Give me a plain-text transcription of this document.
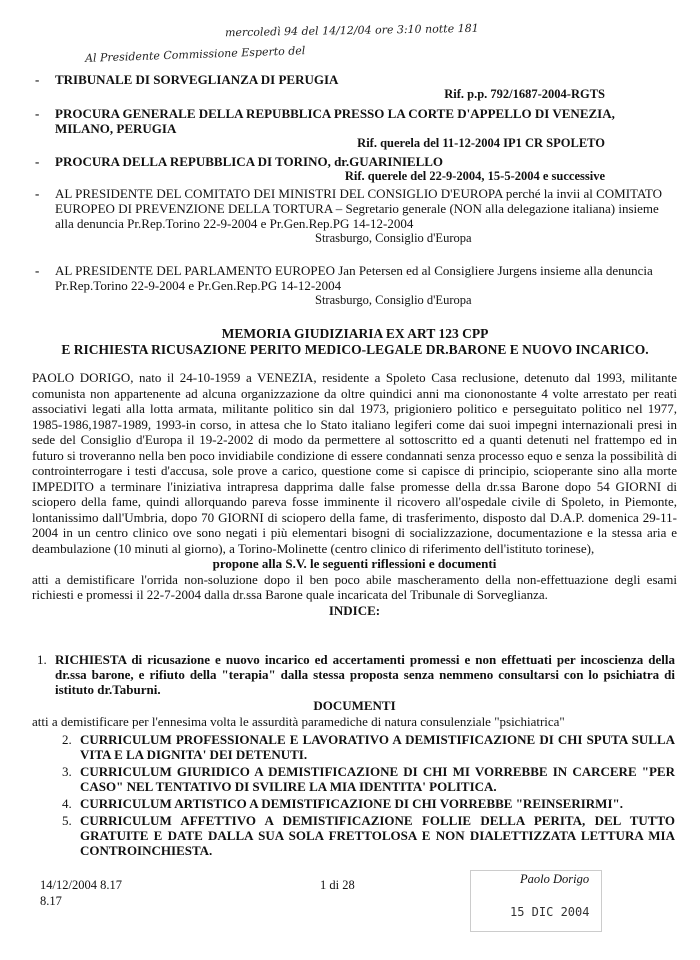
mercoledì 94 del 14/12/04 ore 3:10 notte 181
Al Presidente Commissione Esperto del
- TRIBUNALE DI SORVEGLIANZA DI PERUGIA
Rif. p.p. 792/1687-2004-RGTS
- PROCURA GENERALE DELLA REPUBBLICA PRESSO LA CORTE D'APPELLO DI VENEZIA, MILANO, PERUGIA
Rif. querela del 11-12-2004 IP1 CR SPOLETO
- PROCURA DELLA REPUBBLICA DI TORINO, dr.GUARINIELLO
Rif. querele del 22-9-2004, 15-5-2004 e successive
- AL PRESIDENTE DEL COMITATO DEI MINISTRI DEL CONSIGLIO D'EUROPA perché la invii al COMITATO EUROPEO DI PREVENZIONE DELLA TORTURA – Segretario generale (NON alla delegazione italiana) insieme alla denuncia Pr.Rep.Torino 22-9-2004 e Pr.Gen.Rep.PG 14-12-2004
Strasburgo, Consiglio d'Europa
- AL PRESIDENTE DEL PARLAMENTO EUROPEO Jan Petersen ed al Consigliere Jurgens insieme alla denuncia Pr.Rep.Torino 22-9-2004 e Pr.Gen.Rep.PG 14-12-2004
Strasburgo, Consiglio d'Europa
MEMORIA GIUDIZIARIA EX ART 123 CPP
E RICHIESTA RICUSAZIONE PERITO MEDICO-LEGALE DR.BARONE E NUOVO INCARICO.
PAOLO DORIGO, nato il 24-10-1959 a VENEZIA, residente a Spoleto Casa reclusione, detenuto dal 1993, militante comunista non appartenente ad alcuna organizzazione da oltre quindici anni ma ciononostante 4 volte arrestato per reati associativi legati alla lotta armata, militante politico sin dal 1973, prigioniero politico e perseguitato politico nel 1977, 1985-1986,1987-1989, 1993-in corso, in attesa che lo Stato italiano legiferi come dai suoi impegni internazionali presi in sede del Consiglio d'Europa il 19-2-2002 di modo da permettere al sottoscritto ed a quanti detenuti nel frattempo ed in futuro si troveranno nella ben poco invidiabile condizione di essere condannati senza processo equo e senza la possibilità di controinterrogare i testi d'accusa, sole prove a carico, questione come si capisce di principio, scioperante sino alla morte IMPEDITO a terminare l'iniziativa intrapresa dapprima dalle false promesse della dr.ssa Barone dopo 54 GIORNI di sciopero della fame, quindi allorquando pareva fosse imminente il ricovero all'ospedale civile di Spoleto, in Piemonte, lontanissimo dall'Umbria, dopo 70 GIORNI di sciopero della fame, di trasferimento, disposto dal D.A.P. domenica 29-11-2004 in un centro clinico ove sono negati i più elementari bisogni di socializzazione, documentazione e la stessa aria e deambulazione (10 minuti al giorno), a Torino-Molinette (centro clinico di riferimento dell'istituto torinese),
propone alla S.V. le seguenti riflessioni e documenti
atti a demistificare l'orrida non-soluzione dopo il ben poco abile mascheramento della non-effettuazione degli esami richiesti e promessi il 22-7-2004 dalla dr.ssa Barone quale incaricata del Tribunale di Sorveglianza.
INDICE:
1. RICHIESTA di ricusazione e nuovo incarico ed accertamenti promessi e non effettuati per incoscienza della dr.ssa barone, e rifiuto della "terapia" dalla stessa proposta senza nemmeno consultarsi con lo psichiatra di istituto dr.Taburni.
DOCUMENTI
atti a demistificare per l'ennesima volta le assurdità paramediche di natura consulenziale "psichiatrica"
2. CURRICULUM PROFESSIONALE E LAVORATIVO A DEMISTIFICAZIONE DI CHI SPUTA SULLA VITA E LA DIGNITA' DEI DETENUTI.
3. CURRICULUM GIURIDICO A DEMISTIFICAZIONE DI CHI MI VORREBBE IN CARCERE "PER CASO" NEL TENTATIVO DI SVILIRE LA MIA IDENTITA' POLITICA.
4. CURRICULUM ARTISTICO A DEMISTIFICAZIONE DI CHI VORREBBE "REINSERIRMI".
5. CURRICULUM AFFETTIVO A DEMISTIFICAZIONE FOLLIE DELLA PERITA, DEL TUTTO GRATUITE E DATE DALLA SUA SOLA FRETTOLOSA E NON DIALETTIZZATA LETTURA MIA CONTROINCHIESTA.
14/12/2004 8.17
8.17
1 di 28	Paolo Dorigo
15 DIC 2004
